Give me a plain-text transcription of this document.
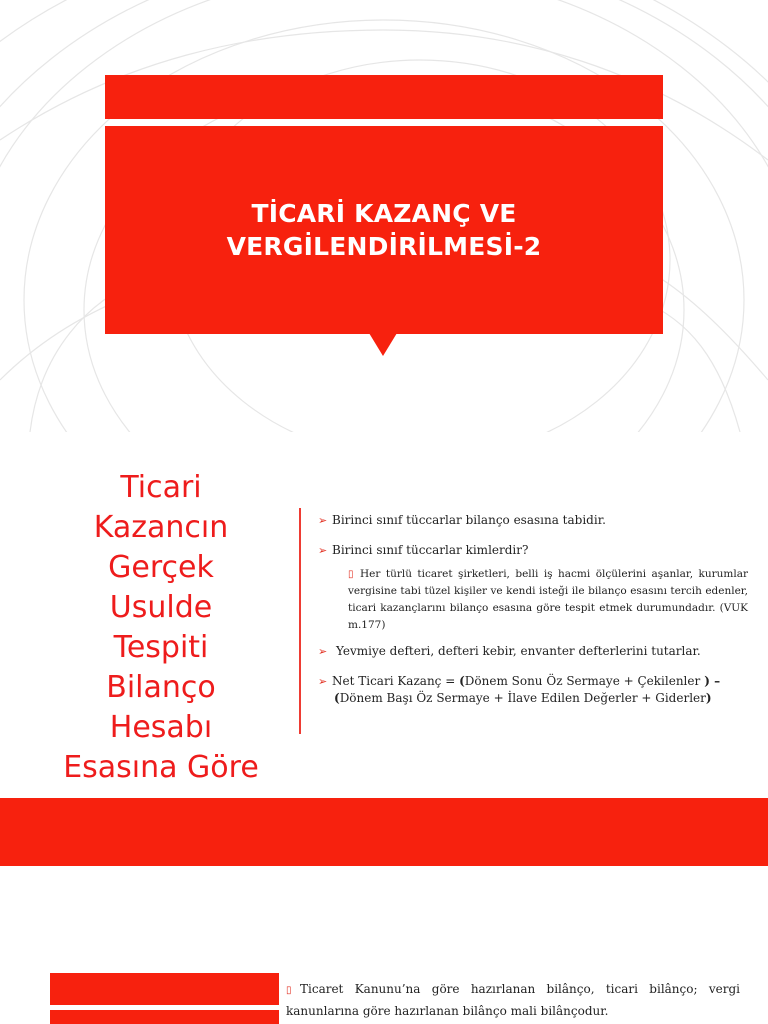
TİCARİ KAZANÇ VE
VERGİLENDİRİLMESİ-2
Ticari
Kazancın
Gerçek
Usulde
Tespiti
Bilanço
Hesabı
Esasına Göre
➢ Birinci sınıf tüccarlar bilanço esasına tabidir.
➢ Birinci sınıf tüccarlar kimlerdir?
▯ Her türlü ticaret şirketleri, belli iş hacmi ölçülerini aşanlar, kurumlar vergisine tabi tüzel kişiler ve kendi isteği ile bilanço esasını tercih edenler, ticari kazançlarını bilanço esasına göre tespit etmek durumundadır. (VUK m.177)
➢ Yevmiye defteri, defteri kebir, envanter defterlerini tutarlar.
➢ Net Ticari Kazanç = (Dönem Sonu Öz Sermaye + Çekilenler ) –
(Dönem Başı Öz Sermaye + İlave Edilen Değerler + Giderler)
▯ Ticaret Kanunu’na göre hazırlanan bilânço, ticari bilânço; vergi kanunlarına göre hazırlanan bilânço mali bilânçodur.
